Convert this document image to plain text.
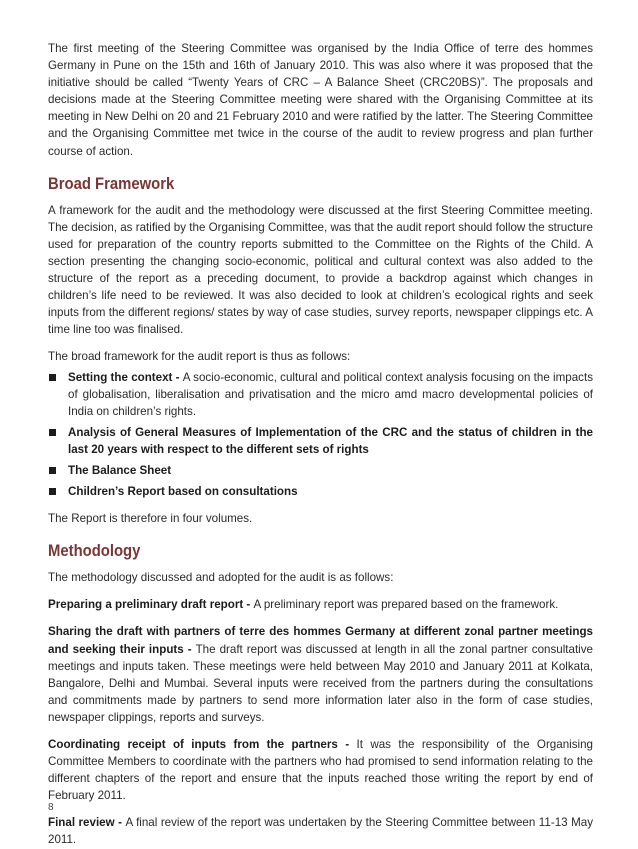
The first meeting of the Steering Committee was organised by the India Office of terre des hommes Germany in Pune on the 15th and 16th of January 2010. This was also where it was proposed that the initiative should be called “Twenty Years of CRC – A Balance Sheet (CRC20BS)”. The proposals and decisions made at the Steering Committee meeting were shared with the Organising Committee at its meeting in New Delhi on 20 and 21 February 2010 and were ratified by the latter. The Steering Committee and the Organising Committee met twice in the course of the audit to review progress and plan further course of action.

Broad Framework

A framework for the audit and the methodology were discussed at the first Steering Committee meeting. The decision, as ratified by the Organising Committee, was that the audit report should follow the structure used for preparation of the country reports submitted to the Committee on the Rights of the Child. A section presenting the changing socio-economic, political and cultural context was also added to the structure of the report as a preceding document, to provide a backdrop against which changes in children’s life need to be reviewed. It was also decided to look at children’s ecological rights and seek inputs from the different regions/ states by way of case studies, survey reports, newspaper clippings etc. A time line too was finalised.

The broad framework for the audit report is thus as follows:

Setting the context - A socio-economic, cultural and political context analysis focusing on the impacts of globalisation, liberalisation and privatisation and the micro amd macro developmental policies of India on children’s rights.
Analysis of General Measures of Implementation of the CRC and the status of children in the last 20 years with respect to the different sets of rights
The Balance Sheet
Children’s Report based on consultations

The Report is therefore in four volumes.

Methodology

The methodology discussed and adopted for the audit is as follows:

Preparing a preliminary draft report - A preliminary report was prepared based on the framework.

Sharing the draft with partners of terre des hommes Germany at different zonal partner meetings and seeking their inputs - The draft report was discussed at length in all the zonal partner consultative meetings and inputs taken. These meetings were held between May 2010 and January 2011 at Kolkata, Bangalore, Delhi and Mumbai. Several inputs were received from the partners during the consultations and commitments made by partners to send more information later also in the form of case studies, newspaper clippings, reports and surveys.

Coordinating receipt of inputs from the partners - It was the responsibility of the Organising Committee Members to coordinate with the partners who had promised to send information relating to the different chapters of the report and ensure that the inputs reached those writing the report by end of February 2011.

Final review - A final review of the report was undertaken by the Steering Committee between 11-13 May 2011.

8
